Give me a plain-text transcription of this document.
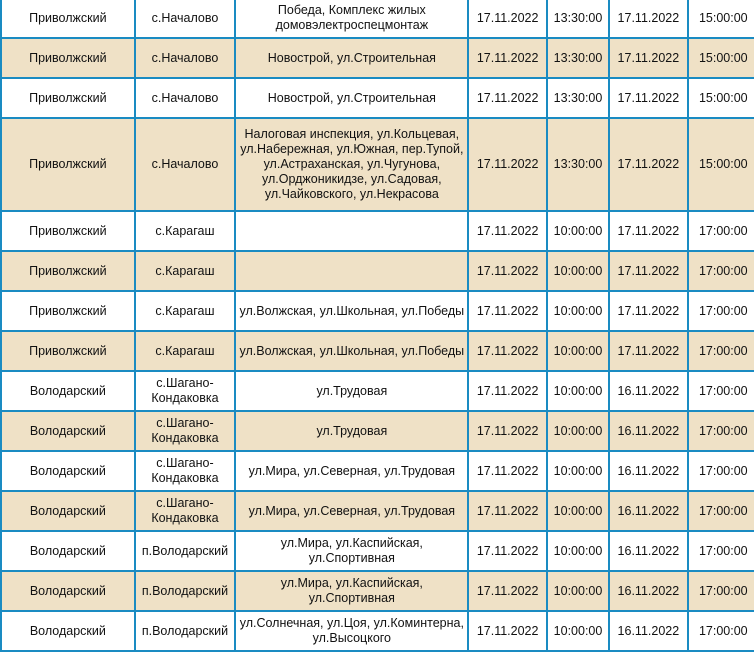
Приволжский	с.Началово	Победа, Комплекс жилых домовэлектроспецмонтаж	17.11.2022	13:30:00	17.11.2022	15:00:00
Приволжский	с.Началово	Новострой, ул.Строительная	17.11.2022	13:30:00	17.11.2022	15:00:00
Приволжский	с.Началово	Новострой, ул.Строительная	17.11.2022	13:30:00	17.11.2022	15:00:00
Приволжский	с.Началово	Налоговая инспекция, ул.Кольцевая, ул.Набережная, ул.Южная, пер.Тупой, ул.Астраханская, ул.Чугунова, ул.Орджоникидзе, ул.Садовая, ул.Чайковского, ул.Некрасова	17.11.2022	13:30:00	17.11.2022	15:00:00
Приволжский	с.Карагаш		17.11.2022	10:00:00	17.11.2022	17:00:00
Приволжский	с.Карагаш		17.11.2022	10:00:00	17.11.2022	17:00:00
Приволжский	с.Карагаш	ул.Волжская, ул.Школьная, ул.Победы	17.11.2022	10:00:00	17.11.2022	17:00:00
Приволжский	с.Карагаш	ул.Волжская, ул.Школьная, ул.Победы	17.11.2022	10:00:00	17.11.2022	17:00:00
Володарский	с.Шагано-Кондаковка	ул.Трудовая	17.11.2022	10:00:00	16.11.2022	17:00:00
Володарский	с.Шагано-Кондаковка	ул.Трудовая	17.11.2022	10:00:00	16.11.2022	17:00:00
Володарский	с.Шагано-Кондаковка	ул.Мира, ул.Северная, ул.Трудовая	17.11.2022	10:00:00	16.11.2022	17:00:00
Володарский	с.Шагано-Кондаковка	ул.Мира, ул.Северная, ул.Трудовая	17.11.2022	10:00:00	16.11.2022	17:00:00
Володарский	п.Володарский	ул.Мира, ул.Каспийская, ул.Спортивная	17.11.2022	10:00:00	16.11.2022	17:00:00
Володарский	п.Володарский	ул.Мира, ул.Каспийская, ул.Спортивная	17.11.2022	10:00:00	16.11.2022	17:00:00
Володарский	п.Володарский	ул.Солнечная, ул.Цоя, ул.Коминтерна, ул.Высоцкого	17.11.2022	10:00:00	16.11.2022	17:00:00
